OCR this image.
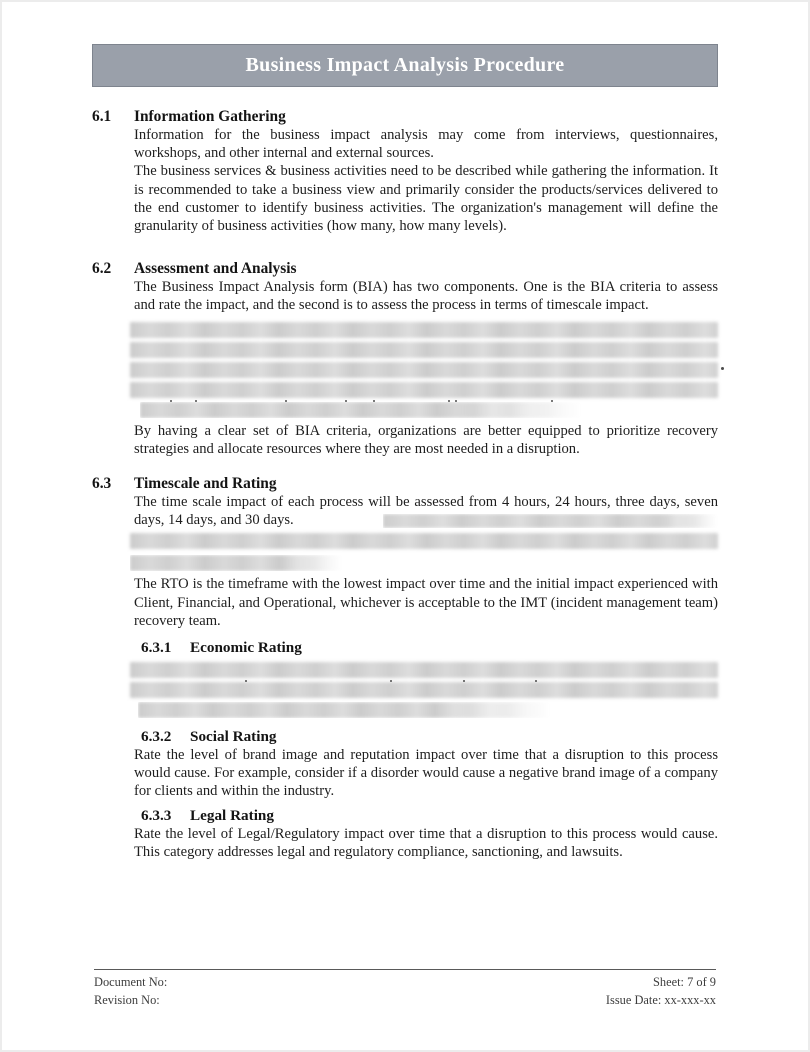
Business Impact Analysis Procedure
6.1	Information Gathering

Information for the business impact analysis may come from interviews, questionnaires, workshops, and other internal and external sources.

The business services & business activities need to be described while gathering the information. It is recommended to take a business view and primarily consider the products/services delivered to the end customer to identify business activities. The organization's management will define the granularity of business activities (how many, how many levels).

6.2	Assessment and Analysis

The Business Impact Analysis form (BIA) has two components. One is the BIA criteria to assess and rate the impact, and the second is to assess the process in terms of timescale impact.

By having a clear set of BIA criteria, organizations are better equipped to prioritize recovery strategies and allocate resources where they are most needed in a disruption.

6.3	Timescale and Rating

The time scale impact of each process will be assessed from 4 hours, 24 hours, three days, seven days, 14 days, and 30 days.

The RTO is the timeframe with the lowest impact over time and the initial impact experienced with Client, Financial, and Operational, whichever is acceptable to the IMT (incident management team) recovery team.

6.3.1	Economic Rating
6.3.2	Social Rating

Rate the level of brand image and reputation impact over time that a disruption to this process would cause. For example, consider if a disorder would cause a negative brand image of a company for clients and within the industry.

6.3.3	Legal Rating

Rate the level of Legal/Regulatory impact over time that a disruption to this process would cause. This category addresses legal and regulatory compliance, sanctioning, and lawsuits.

Document No:
Revision No:
Sheet: 7 of 9
Issue Date: xx-xxx-xx
